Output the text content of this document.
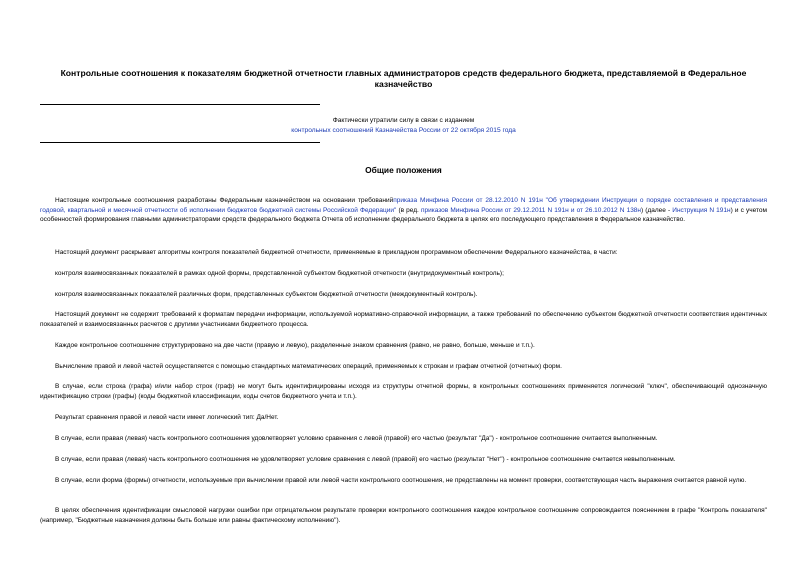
Контрольные соотношения к показателям бюджетной отчетности главных администраторов средств федерального бюджета, представляемой в Федеральное казначейство
Фактически утратили силу в связи с изданием
контрольных соотношений Казначейства России от 22 октября 2015 года
Общие положения

Настоящие контрольные соотношения разработаны Федеральным казначейством на основании требованийприказа Минфина России от 28.12.2010 N 191н "Об утверждении Инструкции о порядке составления и представления годовой, квартальной и месячной отчетности об исполнении бюджетов бюджетной системы Российской Федерации" (в ред. приказов Минфина России от 29.12.2011 N 191н и от 26.10.2012 N 138н) (далее - Инструкция N 191н) и с учетом особенностей формирования главными администраторами средств федерального бюджета Отчета об исполнении федерального бюджета в целях его последующего представления в Федеральное казначейство.

Настоящий документ раскрывает алгоритмы контроля показателей бюджетной отчетности, применяемые в прикладном программном обеспечении Федерального казначейства, в части:

контроля взаимосвязанных показателей в рамках одной формы, представленной субъектом бюджетной отчетности (внутридокументный контроль);

контроля взаимосвязанных показателей различных форм, представленных субъектом бюджетной отчетности (междокументный контроль).

Настоящий документ не содержит требований к форматам передачи информации, используемой нормативно-справочной информации, а также требований по обеспечению субъектом бюджетной отчетности соответствия идентичных показателей и взаимосвязанных расчетов с другими участниками бюджетного процесса.

Каждое контрольное соотношение структурировано на две части (правую и левую), разделенные знаком сравнения (равно, не равно, больше, меньше и т.п.).

Вычисление правой и левой частей осуществляется с помощью стандартных математических операций, применяемых к строкам и графам отчетной (отчетных) форм.

В случае, если строка (графа) и/или набор строк (граф) не могут быть идентифицированы исходя из структуры отчетной формы, в контрольных соотношениях применяется логический "ключ", обеспечивающий однозначную идентификацию строки (графы) (коды бюджетной классификации, коды счетов бюджетного учета и т.п.).

Результат сравнения правой и левой части имеет логический тип: Да/Нет.

В случае, если правая (левая) часть контрольного соотношения удовлетворяет условию сравнения с левой (правой) его частью (результат "Да") - контрольное соотношение считается выполненным.

В случае, если правая (левая) часть контрольного соотношения не удовлетворяет условие сравнения с левой (правой) его частью (результат "Нет") - контрольное соотношение считается невыполненным.

В случае, если форма (формы) отчетности, используемые при вычислении правой или левой части контрольного соотношения, не представлены на момент проверки, соответствующая часть выражения считается равной нулю.

В целях обеспечения идентификации смысловой нагрузки ошибки при отрицательном результате проверки контрольного соотношения каждое контрольное соотношение сопровождается пояснением в графе "Контроль показателя" (например, "Бюджетные назначения должны быть больше или равны фактическому исполнению").
